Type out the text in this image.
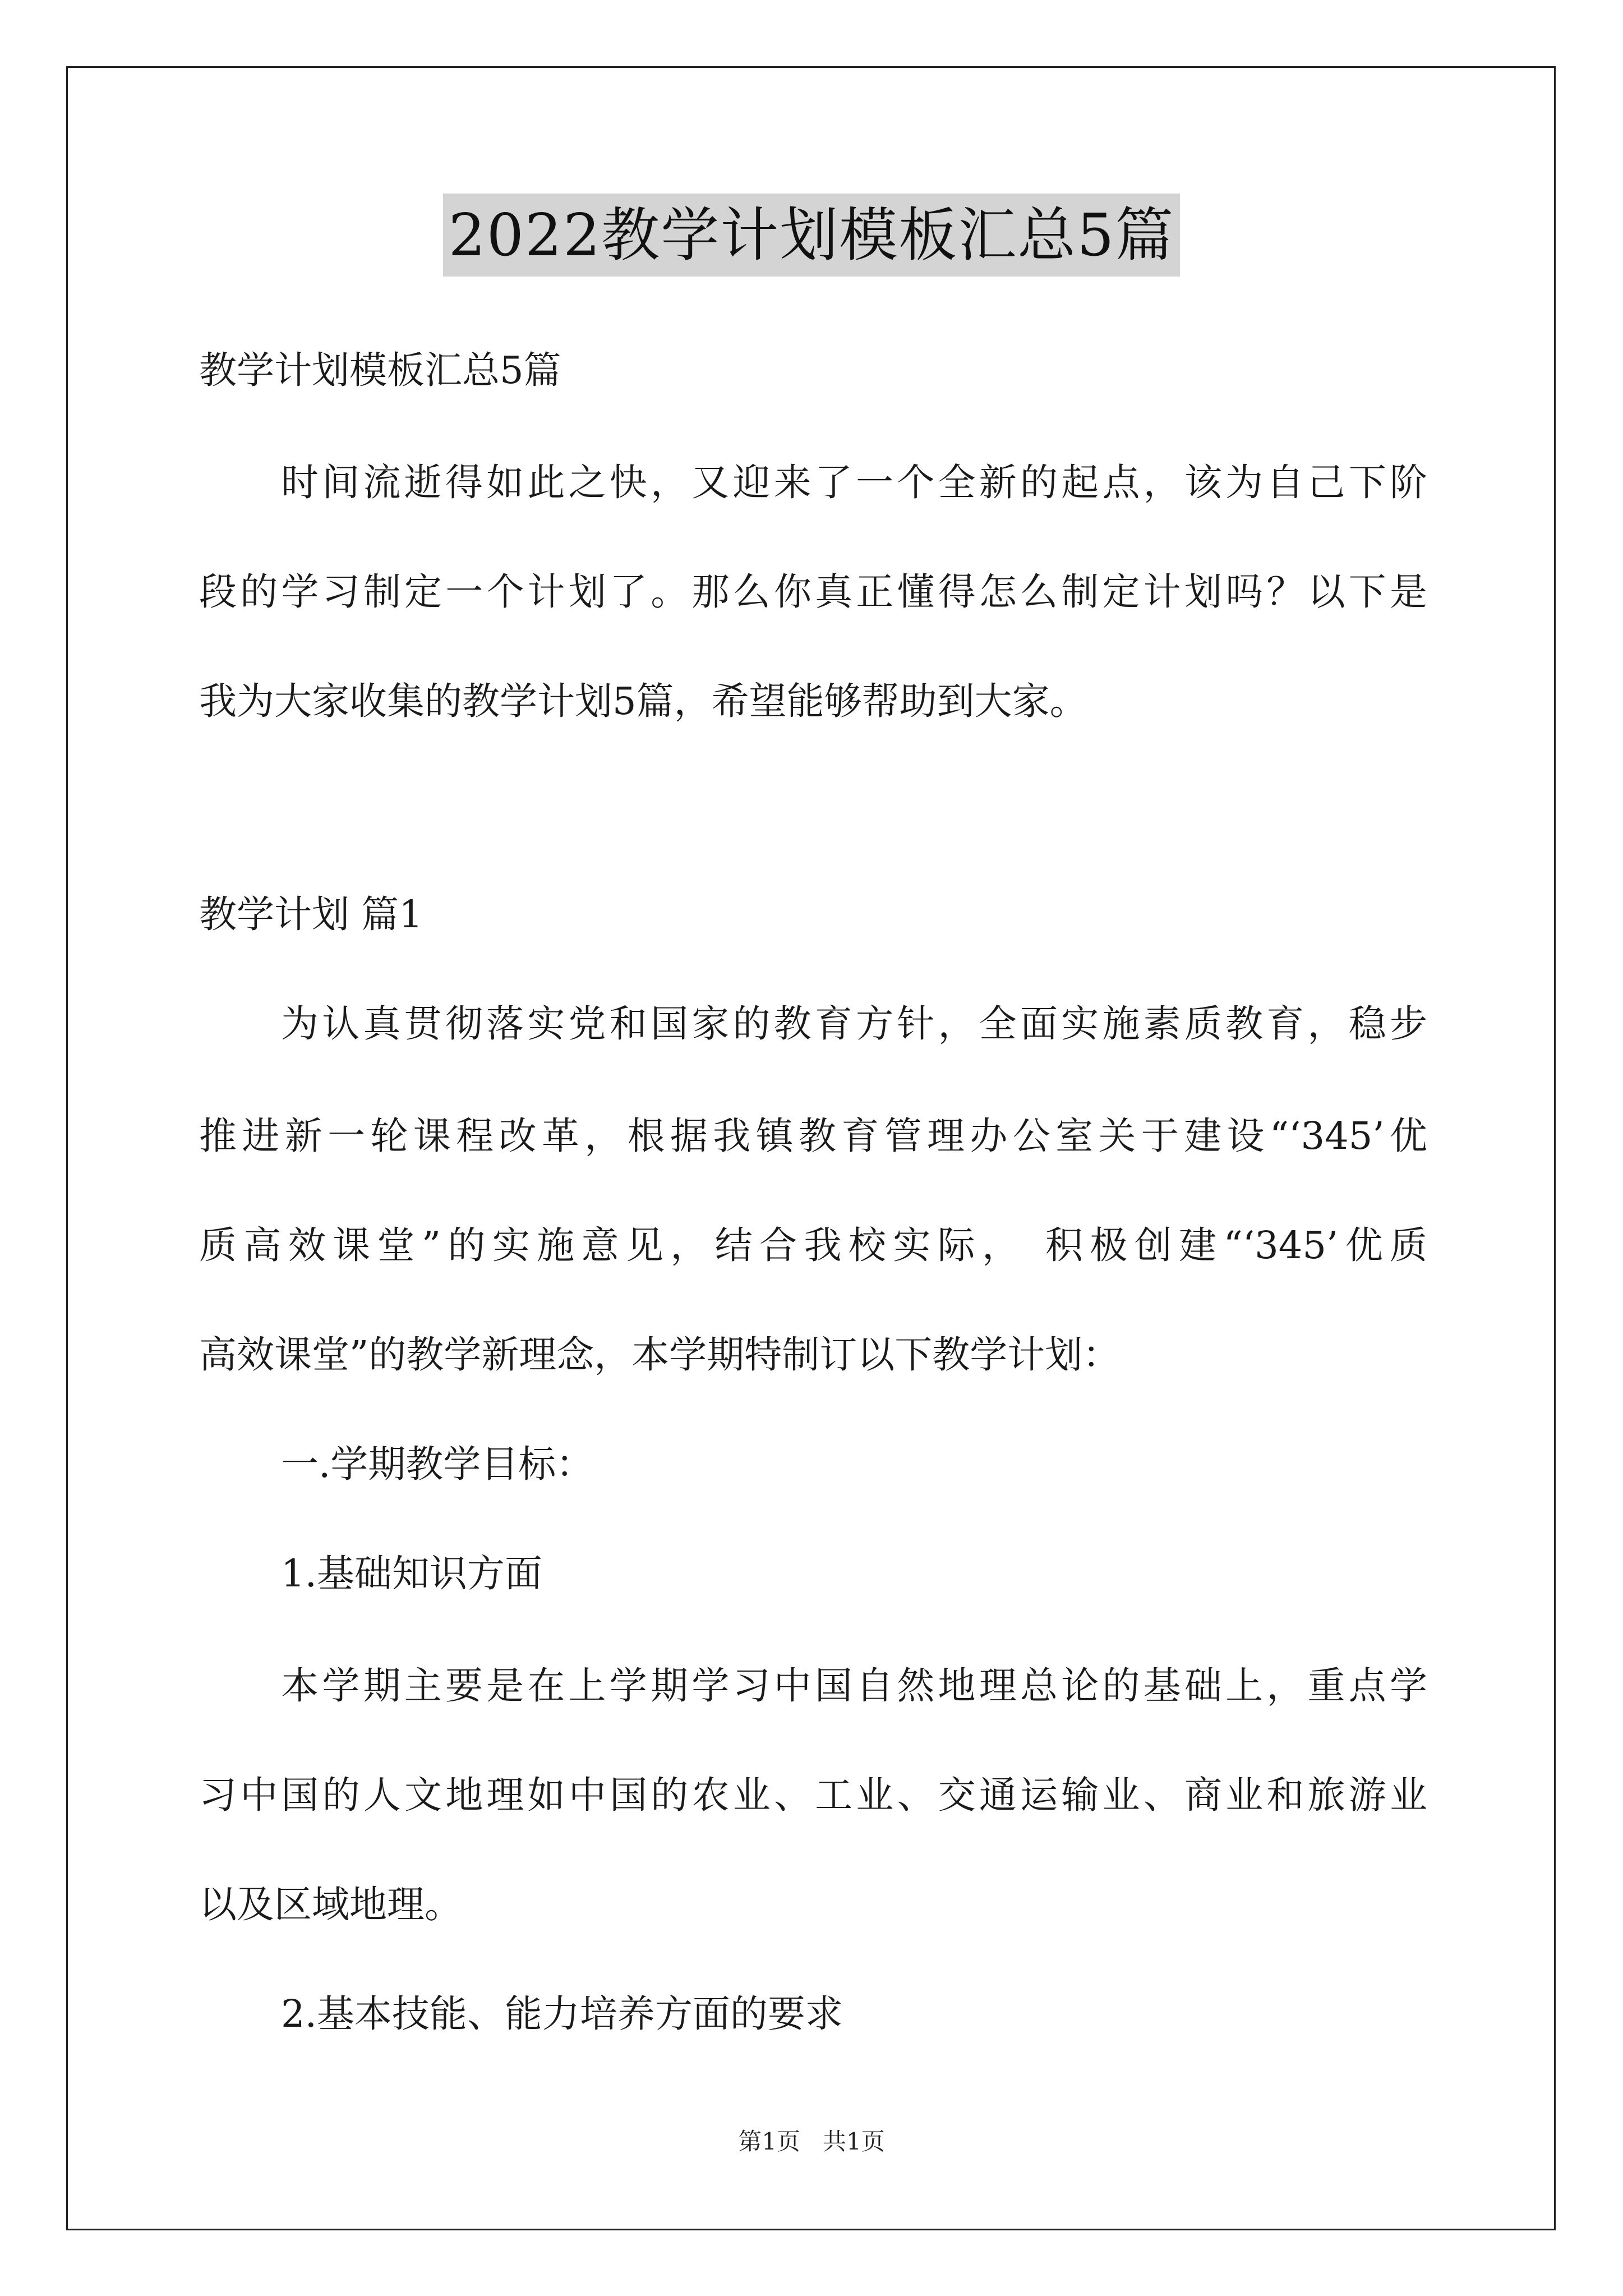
2022教学计划模板汇总5篇
教学计划模板汇总5篇
时间流逝得如此之快，又迎来了一个全新的起点，该为自己下阶
段的学习制定一个计划了。那么你真正懂得怎么制定计划吗？以下是
我为大家收集的教学计划5篇，希望能够帮助到大家。
教学计划 篇1
为认真贯彻落实党和国家的教育方针，全面实施素质教育，稳步
推进新一轮课程改革，根据我镇教育管理办公室关于建设“‘345’优
质高效课堂”的实施意见，结合我校实际， 积极创建“‘345’优质
高效课堂”的教学新理念，本学期特制订以下教学计划：
一.学期教学目标：
1.基础知识方面
本学期主要是在上学期学习中国自然地理总论的基础上，重点学
习中国的人文地理如中国的农业、工业、交通运输业、商业和旅游业
以及区域地理。
2.基本技能、能力培养方面的要求
第1页   共1页
